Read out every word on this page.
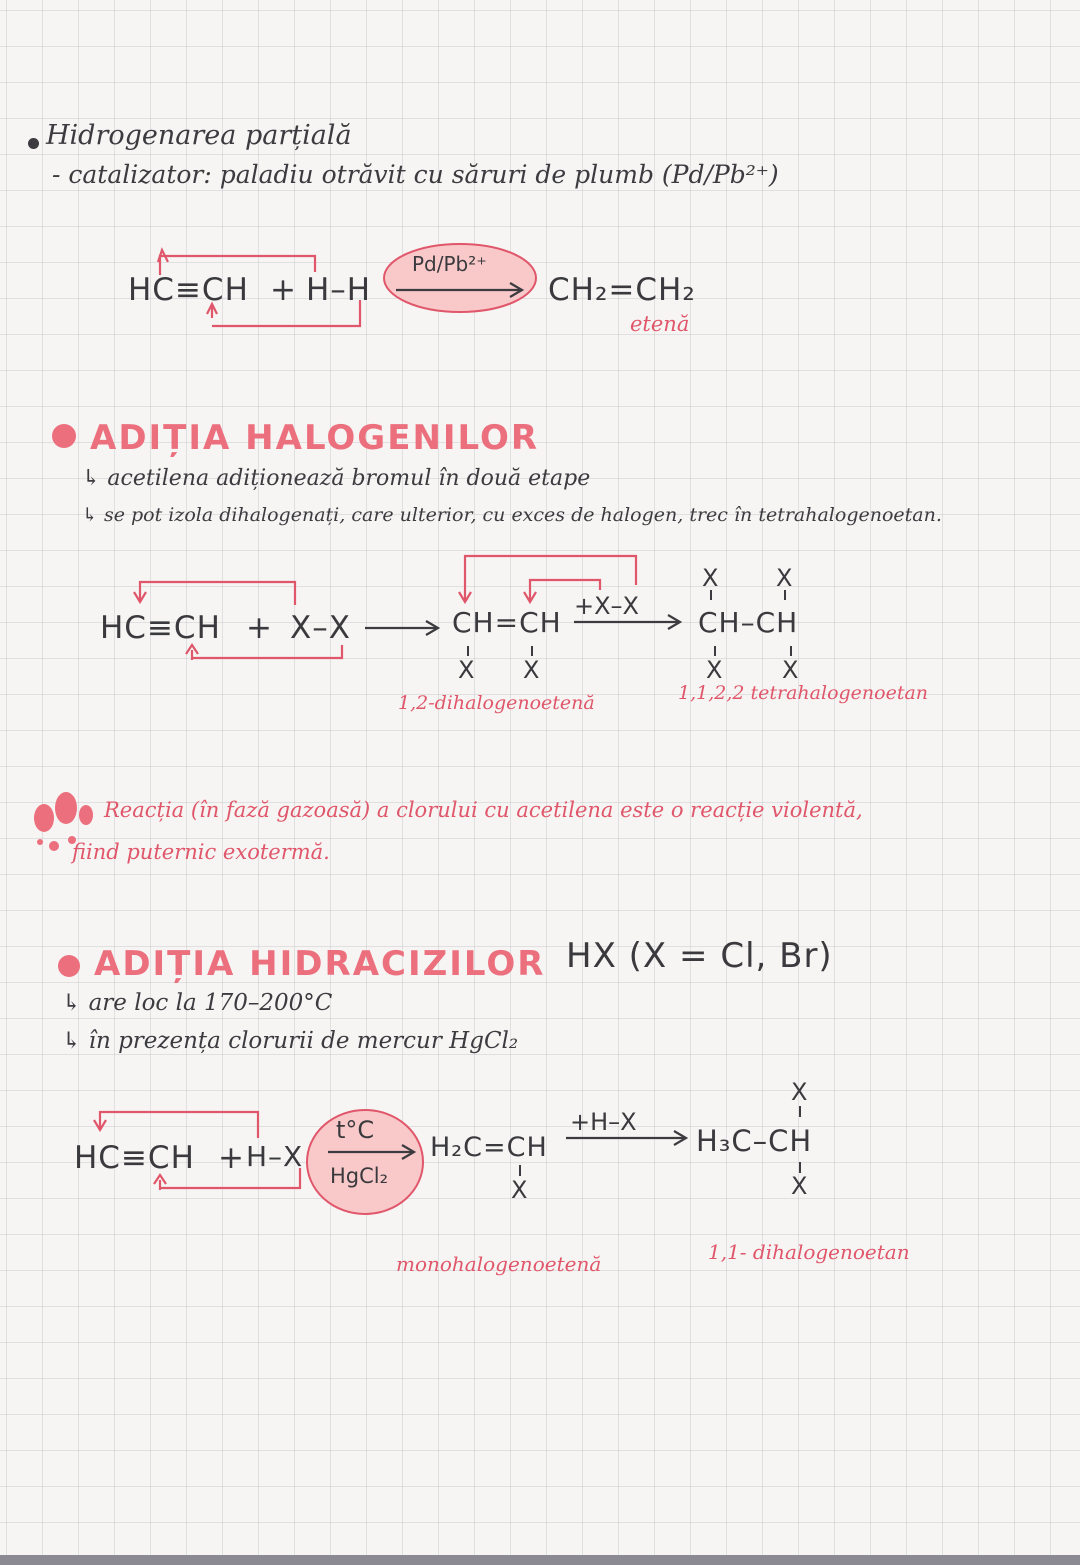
Hidrogenarea parțială
- catalizator: paladiu otrăvit cu săruri de plumb (Pd/Pb²⁺)
HC≡CH + H–H
Pd/Pb²⁺
CH₂=CH₂
etenă
ADIȚIA HALOGENILOR
↳ acetilena adiționează bromul în două etape
↳ se pot izola dihalogenați, care ulterior, cu exces de halogen, trec în tetrahalogenoetan.
HC≡CH + X–X	CH=CH +X–X CH–CH
X X
X X
X X
1,2-dihalogenoetenă	1,1,2,2 tetrahalogenoetan
Reacția (în fază gazoasă) a clorului cu acetilena este o reacție violentă,
fiind puternic exotermă.
ADIȚIA HIDRACIZILOR HX (X = Cl, Br)
↳ are loc la 170–200°C
↳ în prezența clorurii de mercur HgCl₂
HC≡CH + H–X
t°C
HgCl₂
H₂C=CH
+H–X
H₃C–CH
X
X
X
monohalogenoetenă	1,1- dihalogenoetan
